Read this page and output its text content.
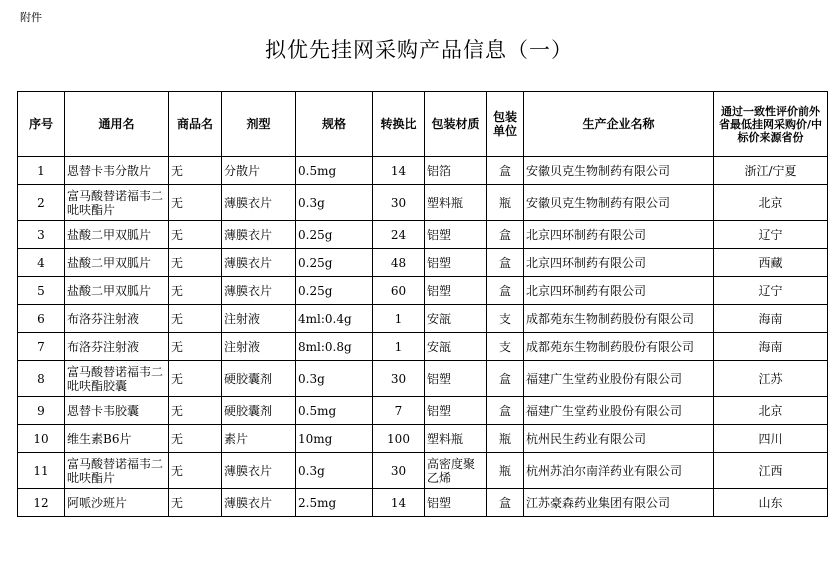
附件
拟优先挂网采购产品信息（一）
序号	通用名	商品名	剂型	规格	转换比	包装材质	包装单位	生产企业名称	通过一致性评价前外省最低挂网采购价/中标价来源省份
1	恩替卡韦分散片	无	分散片	0.5mg	14	铝箔	盒	安徽贝克生物制药有限公司	浙江/宁夏
2	富马酸替诺福韦二吡呋酯片	无	薄膜衣片	0.3g	30	塑料瓶	瓶	安徽贝克生物制药有限公司	北京
3	盐酸二甲双胍片	无	薄膜衣片	0.25g	24	铝塑	盒	北京四环制药有限公司	辽宁
4	盐酸二甲双胍片	无	薄膜衣片	0.25g	48	铝塑	盒	北京四环制药有限公司	西藏
5	盐酸二甲双胍片	无	薄膜衣片	0.25g	60	铝塑	盒	北京四环制药有限公司	辽宁
6	布洛芬注射液	无	注射液	4ml:0.4g	1	安瓿	支	成都苑东生物制药股份有限公司	海南
7	布洛芬注射液	无	注射液	8ml:0.8g	1	安瓿	支	成都苑东生物制药股份有限公司	海南
8	富马酸替诺福韦二吡呋酯胶囊	无	硬胶囊剂	0.3g	30	铝塑	盒	福建广生堂药业股份有限公司	江苏
9	恩替卡韦胶囊	无	硬胶囊剂	0.5mg	7	铝塑	盒	福建广生堂药业股份有限公司	北京
10	维生素B6片	无	素片	10mg	100	塑料瓶	瓶	杭州民生药业有限公司	四川
11	富马酸替诺福韦二吡呋酯片	无	薄膜衣片	0.3g	30	高密度聚乙烯	瓶	杭州苏泊尔南洋药业有限公司	江西
12	阿哌沙班片	无	薄膜衣片	2.5mg	14	铝塑	盒	江苏豪森药业集团有限公司	山东
